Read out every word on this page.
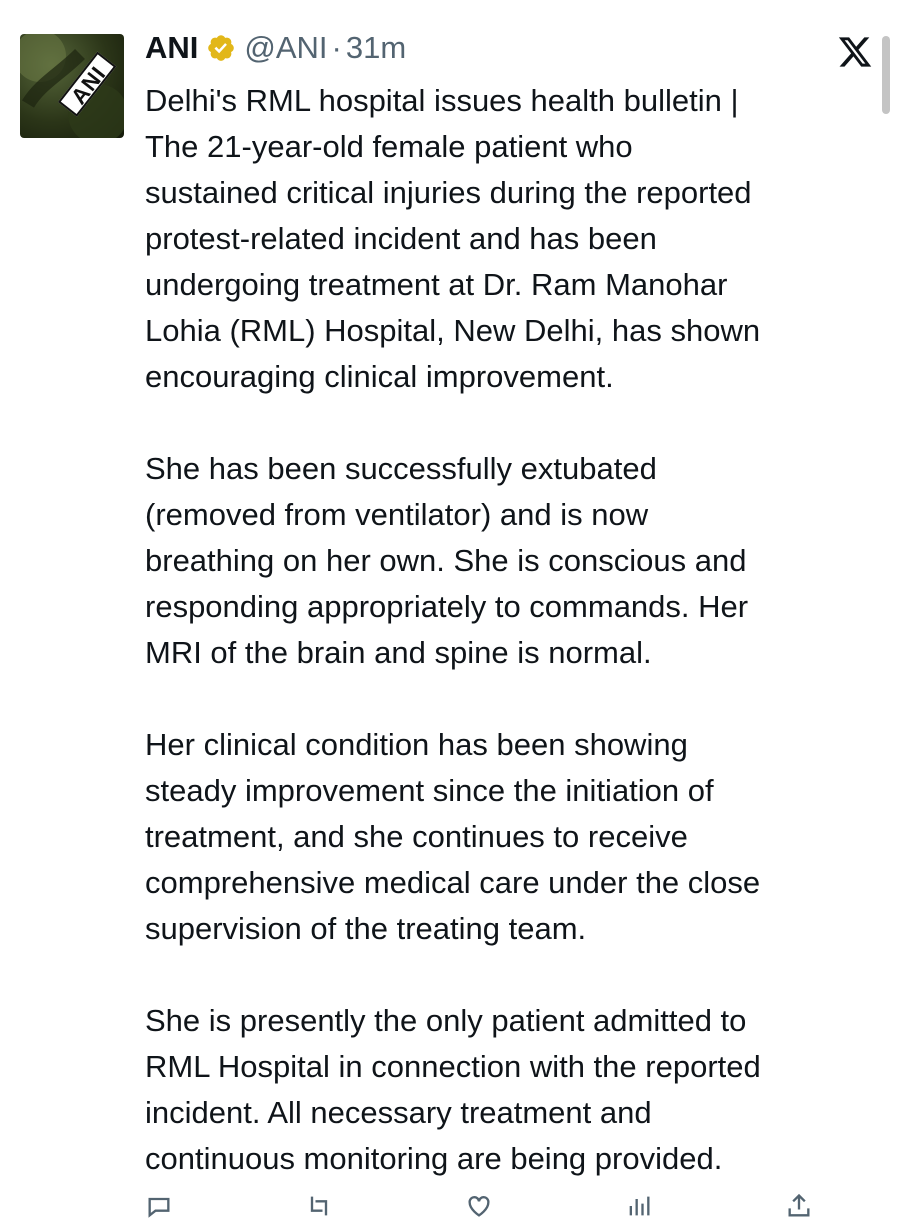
ANI
ANI @ANI · 31m

Delhi's RML hospital issues health bulletin |
The 21-year-old female patient who
sustained critical injuries during the reported
protest-related incident and has been
undergoing treatment at Dr. Ram Manohar
Lohia (RML) Hospital, New Delhi, has shown
encouraging clinical improvement.

She has been successfully extubated
(removed from ventilator) and is now
breathing on her own. She is conscious and
responding appropriately to commands. Her
MRI of the brain and spine is normal.

Her clinical condition has been showing
steady improvement since the initiation of
treatment, and she continues to receive
comprehensive medical care under the close
supervision of the treating team.

She is presently the only patient admitted to
RML Hospital in connection with the reported
incident. All necessary treatment and
continuous monitoring are being provided.
